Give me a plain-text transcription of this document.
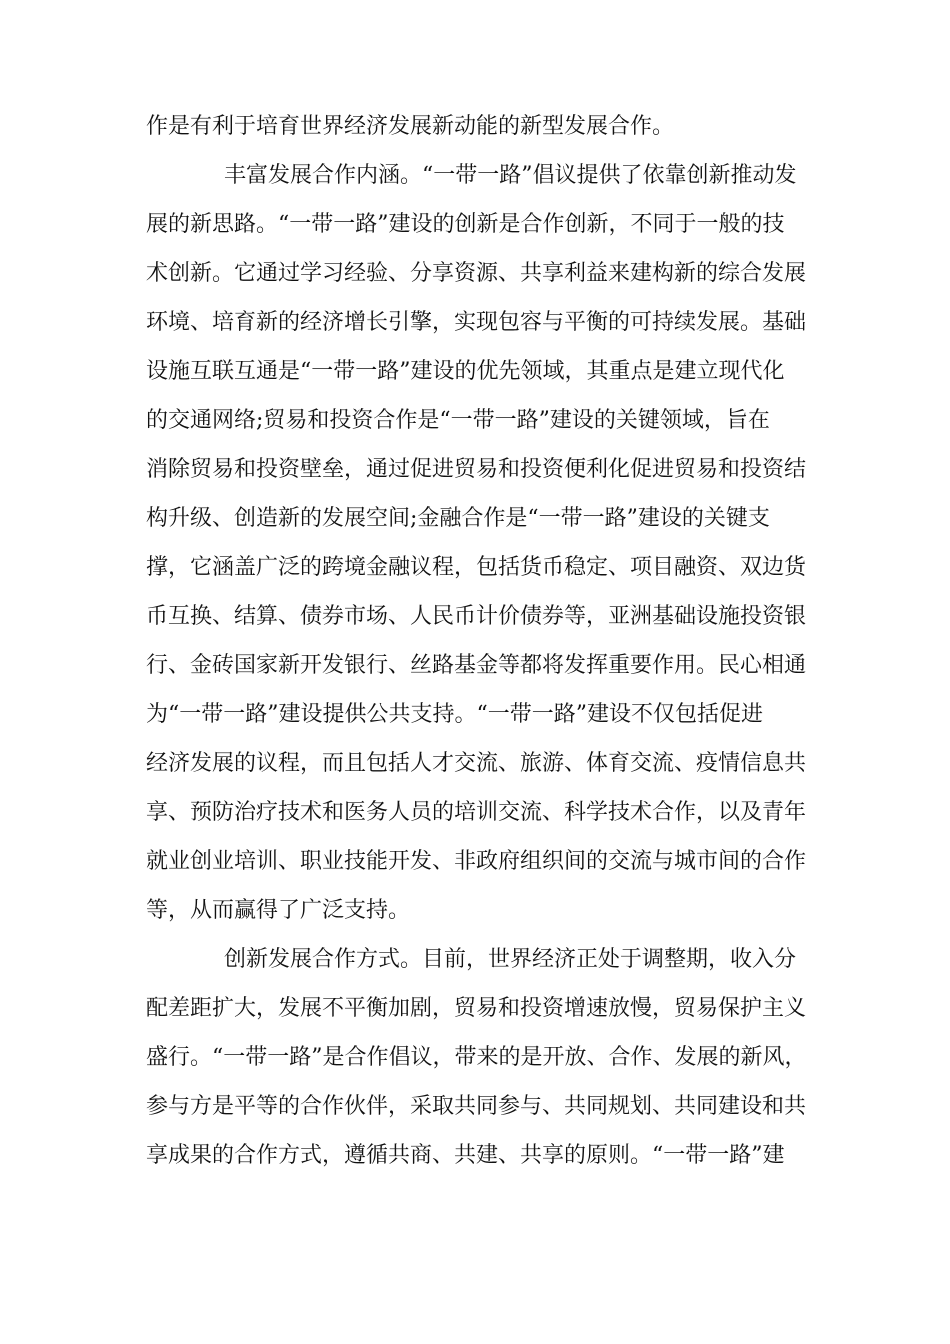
作是有利于培育世界经济发展新动能的新型发展合作。
丰富发展合作内涵。“一带一路”倡议提供了依靠创新推动发
展的新思路。“一带一路”建设的创新是合作创新，不同于一般的技
术创新。它通过学习经验、分享资源、共享利益来建构新的综合发展
环境、培育新的经济增长引擎，实现包容与平衡的可持续发展。基础
设施互联互通是“一带一路”建设的优先领域，其重点是建立现代化
的交通网络;贸易和投资合作是“一带一路”建设的关键领域，旨在
消除贸易和投资壁垒，通过促进贸易和投资便利化促进贸易和投资结
构升级、创造新的发展空间;金融合作是“一带一路”建设的关键支
撑，它涵盖广泛的跨境金融议程，包括货币稳定、项目融资、双边货
币互换、结算、债券市场、人民币计价债券等，亚洲基础设施投资银
行、金砖国家新开发银行、丝路基金等都将发挥重要作用。民心相通
为“一带一路”建设提供公共支持。“一带一路”建设不仅包括促进
经济发展的议程，而且包括人才交流、旅游、体育交流、疫情信息共
享、预防治疗技术和医务人员的培训交流、科学技术合作，以及青年
就业创业培训、职业技能开发、非政府组织间的交流与城市间的合作
等，从而赢得了广泛支持。
创新发展合作方式。目前，世界经济正处于调整期，收入分
配差距扩大，发展不平衡加剧，贸易和投资增速放慢，贸易保护主义
盛行。“一带一路”是合作倡议，带来的是开放、合作、发展的新风，
参与方是平等的合作伙伴，采取共同参与、共同规划、共同建设和共
享成果的合作方式，遵循共商、共建、共享的原则。“一带一路”建
